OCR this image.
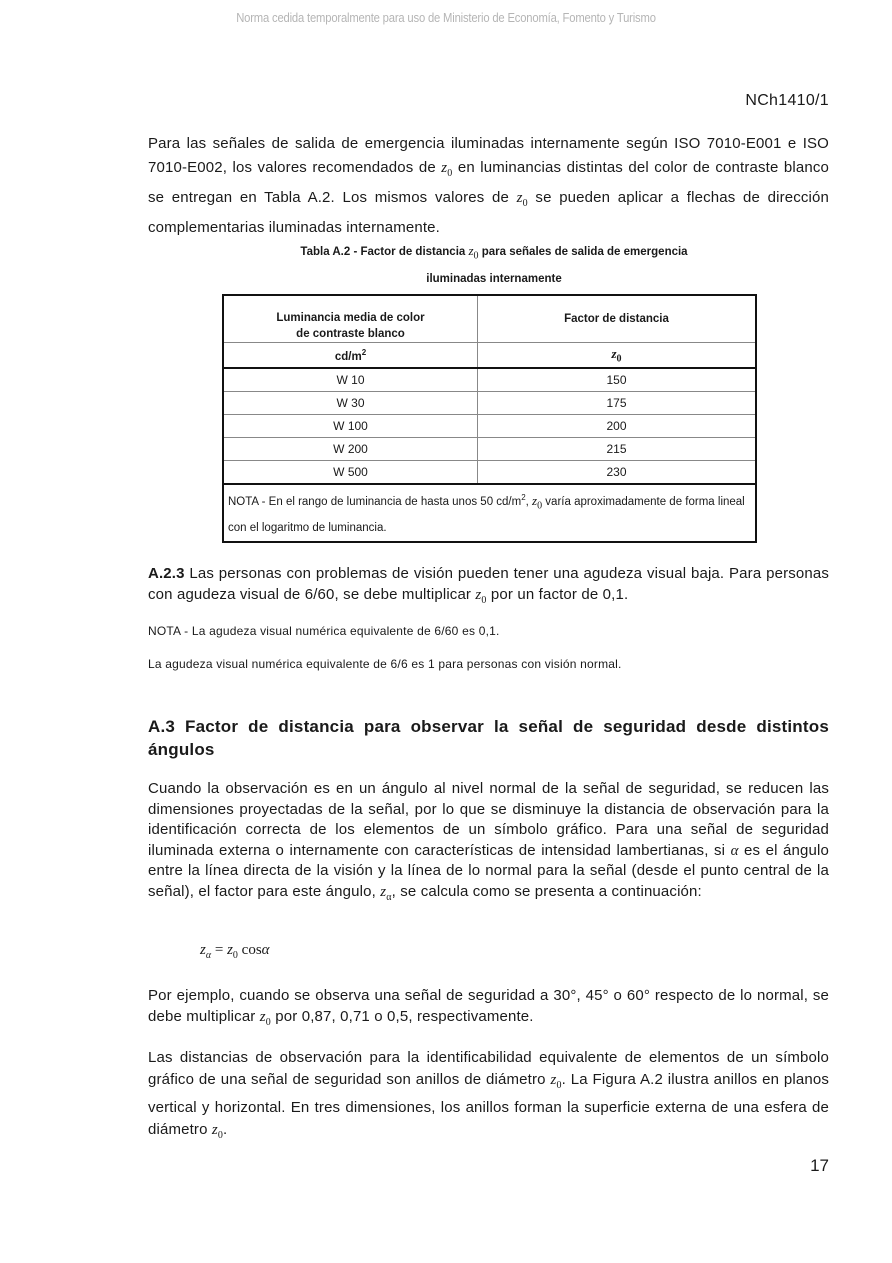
Norma cedida temporalmente para uso de Ministerio de Economía, Fomento y Turismo
NCh1410/1

Para las señales de salida de emergencia iluminadas internamente según ISO 7010-E001 e ISO 7010-E002, los valores recomendados de $z_0$ en luminancias distintas del color de contraste blanco se entregan en Tabla A.2. Los mismos valores de $z_0$ se pueden aplicar a flechas de dirección complementarias iluminadas internamente.

Tabla A.2 - Factor de distancia $z_0$ para señales de salida de emergencia
iluminadas internamente
Luminancia media de color
de contraste blanco	Factor de distancia
$cd/m^2$	$z_0$
W 10	150
W 30	175
W 100	200
W 200	215
W 500	230
NOTA - En el rango de luminancia de hasta unos 50 $cd/m^2$, $z_0$ varía aproximadamente de forma lineal con el logaritmo de luminancia.	

A.2.3 Las personas con problemas de visión pueden tener una agudeza visual baja. Para personas con agudeza visual de 6/60, se debe multiplicar $z_0$ por un factor de 0,1.

NOTA - La agudeza visual numérica equivalente de 6/60 es 0,1.
La agudeza visual numérica equivalente de 6/6 es 1 para personas con visión normal.
A.3 Factor de distancia para observar la señal de seguridad desde distintos ángulos

Cuando la observación es en un ángulo al nivel normal de la señal de seguridad, se reducen las dimensiones proyectadas de la señal, por lo que se disminuye la distancia de observación para la identificación correcta de los elementos de un símbolo gráfico. Para una señal de seguridad iluminada externa o internamente con características de intensidad lambertianas, si α es el ángulo entre la línea directa de la visión y la línea de lo normal para la señal (desde el punto central de la señal), el factor para este ángulo, $z_\alpha$, se calcula como se presenta a continuación:

$z_\alpha = z_0$ cosα

Por ejemplo, cuando se observa una señal de seguridad a 30°, 45° o 60° respecto de lo normal, se debe multiplicar $z_0$ por 0,87, 0,71 o 0,5, respectivamente.

Las distancias de observación para la identificabilidad equivalente de elementos de un símbolo gráfico de una señal de seguridad son anillos de diámetro $z_0$. La Figura A.2 ilustra anillos en planos vertical y horizontal. En tres dimensiones, los anillos forman la superficie externa de una esfera de diámetro $z_0$.

17
